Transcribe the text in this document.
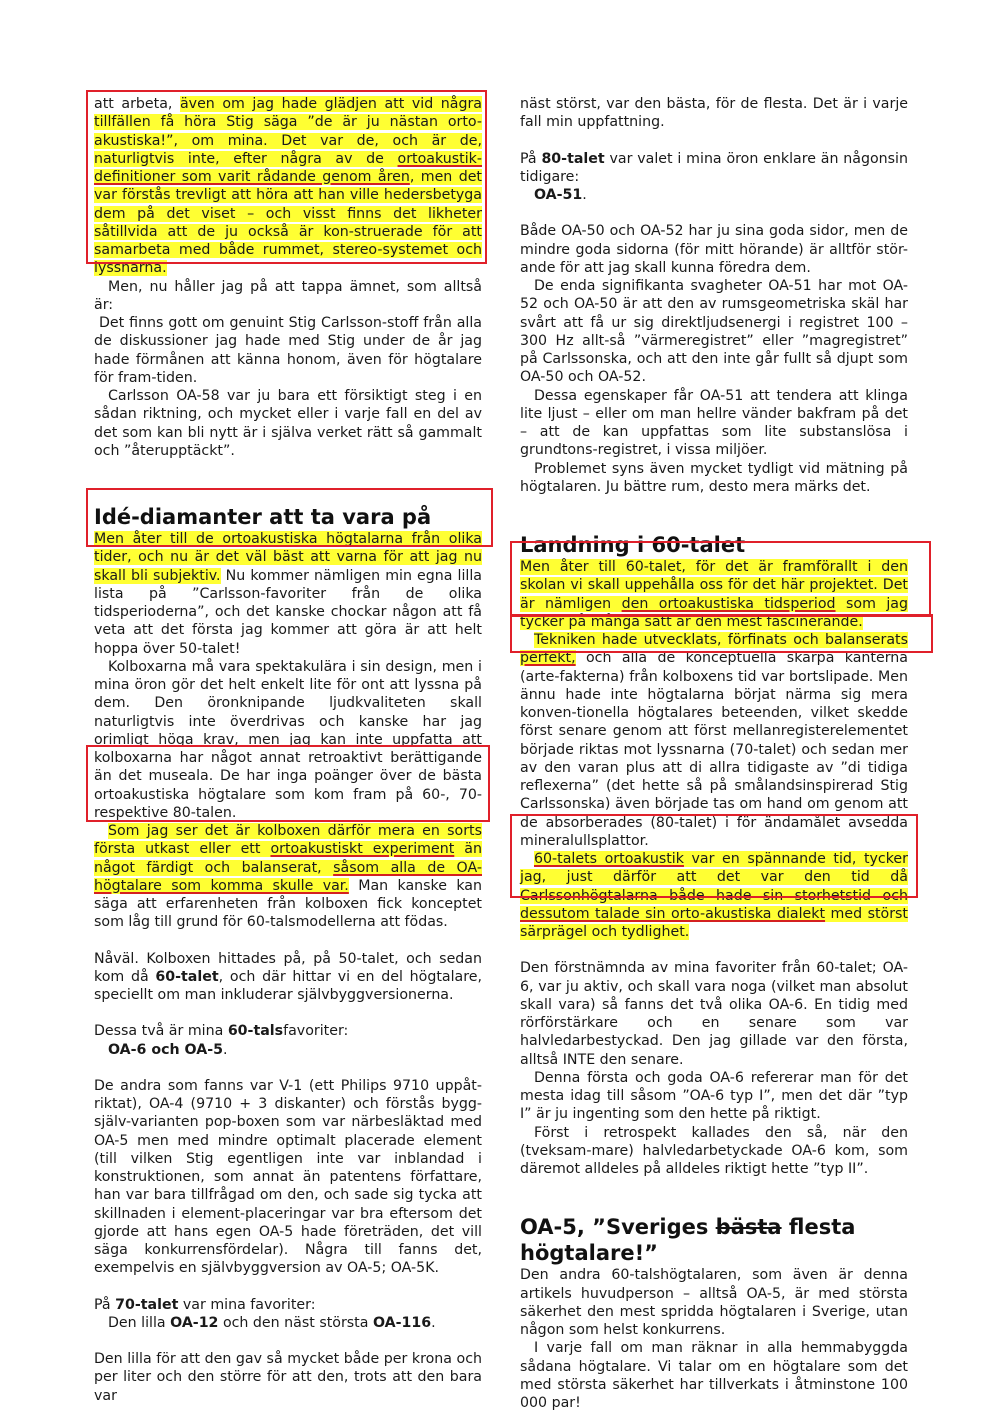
att arbeta, även om jag hade glädjen att vid några tillfällen få höra Stig säga ”de är ju nästan orto-akustiska!”, om mina. Det var de, och är de, naturligtvis inte, efter några av de ortoakustik-definitioner som varit rådande genom åren, men det var förstås trevligt att höra att han ville hedersbetyga dem på det viset – och visst finns det likheter såtillvida att de ju också är kon-struerade för att samarbeta med både rummet, stereo-systemet och lyssnarna.

Men, nu håller jag på att tappa ämnet, som alltså är:

Det finns gott om genuint Stig Carlsson-stoff från alla de diskussioner jag hade med Stig under de år jag hade förmånen att känna honom, även för högtalare för fram-tiden.

Carlsson OA-58 var ju bara ett försiktigt steg i en sådan riktning, och mycket eller i varje fall en del av det som kan bli nytt är i själva verket rätt så gammalt och ”återupptäckt”.

Idé-diamanter att ta vara på

Men åter till de ortoakustiska högtalarna från olika tider, och nu är det väl bäst att varna för att jag nu skall bli subjektiv. Nu kommer nämligen min egna lilla lista på ”Carlsson-favoriter från de olika tidsperioderna”, och det kanske chockar någon att få veta att det första jag kommer att göra är att helt hoppa över 50-talet!

Kolboxarna må vara spektakulära i sin design, men i mina öron gör det helt enkelt lite för ont att lyssna på dem. Den öronknipande ljudkvaliteten skall naturligtvis inte överdrivas och kanske har jag orimligt höga krav, men jag kan inte uppfatta att kolboxarna har något annat retroaktivt berättigande än det museala. De har inga poänger över de bästa ortoakustiska högtalare som kom fram på 60-, 70- respektive 80-talen.

Som jag ser det är kolboxen därför mera en sorts första utkast eller ett ortoakustiskt experiment än något färdigt och balanserat, såsom alla de OA-högtalare som komma skulle var. Man kanske kan säga att erfarenheten från kolboxen fick konceptet som låg till grund för 60-talsmodellerna att födas.

Nåväl. Kolboxen hittades på, på 50-talet, och sedan kom då 60-talet, och där hittar vi en del högtalare, speciellt om man inkluderar självbyggversionerna.

Dessa två är mina 60-talsfavoriter:

OA-6 och OA-5.

De andra som fanns var V-1 (ett Philips 9710 uppåt-riktat), OA-4 (9710 + 3 diskanter) och förstås bygg-själv-varianten pop-boxen som var närbesläktad med OA-5 men med mindre optimalt placerade element (till vilken Stig egentligen inte var inblandad i konstruktionen, som annat än patentens författare, han var bara tillfrågad om den, och sade sig tycka att skillnaden i element-placeringar var bra eftersom det gjorde att hans egen OA-5 hade företräden, det vill säga konkurrensfördelar). Några till fanns det, exempelvis en självbyggversion av OA-5; OA-5K.

På 70-talet var mina favoriter:

Den lilla OA-12 och den näst största OA-116.

Den lilla för att den gav så mycket både per krona och per liter och den större för att den, trots att den bara var

näst störst, var den bästa, för de flesta. Det är i varje fall min uppfattning.

På 80-talet var valet i mina öron enklare än någonsin tidigare:

OA-51.

Både OA-50 och OA-52 har ju sina goda sidor, men de mindre goda sidorna (för mitt hörande) är alltför stör-ande för att jag skall kunna föredra dem.

De enda signifikanta svagheter OA-51 har mot OA-52 och OA-50 är att den av rumsgeometriska skäl har svårt att få ur sig direktljudsenergi i registret 100 – 300 Hz allt-så ”värmeregistret” eller ”magregistret” på Carlssonska, och att den inte går fullt så djupt som OA-50 och OA-52.

Dessa egenskaper får OA-51 att tendera att klinga lite ljust – eller om man hellre vänder bakfram på det – att de kan uppfattas som lite substanslösa i grundtons-registret, i vissa miljöer.

Problemet syns även mycket tydligt vid mätning på högtalaren. Ju bättre rum, desto mera märks det.

Landning i 60-talet

Men åter till 60-talet, för det är framförallt i den skolan vi skall uppehålla oss för det här projektet. Det är nämligen den ortoakustiska tidsperiod som jag tycker på många sätt är den mest fascinerande.

Tekniken hade utvecklats, förfinats och balanserats perfekt, och alla de konceptuella skarpa kanterna (arte-fakterna) från kolboxens tid var bortslipade. Men ännu hade inte högtalarna börjat närma sig mera konven-tionella högtalares beteenden, vilket skedde först senare genom att först mellanregisterelementet började riktas mot lyssnarna (70-talet) och sedan mer av den varan plus att di allra tidigaste av ”di tidiga reflexerna” (det hette så på smålandsinspirerad Stig Carlssonska) även började tas om hand om genom att de absorberades (80-talet) i för ändamålet avsedda mineralullsplattor.

60-talets ortoakustik var en spännande tid, tycker jag, just därför att det var den tid då Carlssonhögtalarna både hade sin storhetstid och dessutom talade sin orto-akustiska dialekt med störst särprägel och tydlighet.

Den förstnämnda av mina favoriter från 60-talet; OA-6, var ju aktiv, och skall vara noga (vilket man absolut skall vara) så fanns det två olika OA-6. En tidig med rörförstärkare och en senare som var halvledarbestyckad. Den jag gillade var den första, alltså INTE den senare.

Denna första och goda OA-6 refererar man för det mesta idag till såsom ”OA-6 typ I”, men det där ”typ I” är ju ingenting som den hette på riktigt.

Först i retrospekt kallades den så, när den (tveksam-mare) halvledarbetyckade OA-6 kom, som däremot alldeles på alldeles riktigt hette ”typ II”.

OA-5, ”Sveriges bästa flesta högtalare!”

Den andra 60-talshögtalaren, som även är denna artikels huvudperson – alltså OA-5, är med största säkerhet den mest spridda högtalaren i Sverige, utan någon som helst konkurrens.

I varje fall om man räknar in alla hemmabyggda sådana högtalare. Vi talar om en högtalare som det med största säkerhet har tillverkats i åtminstone 100 000 par!
